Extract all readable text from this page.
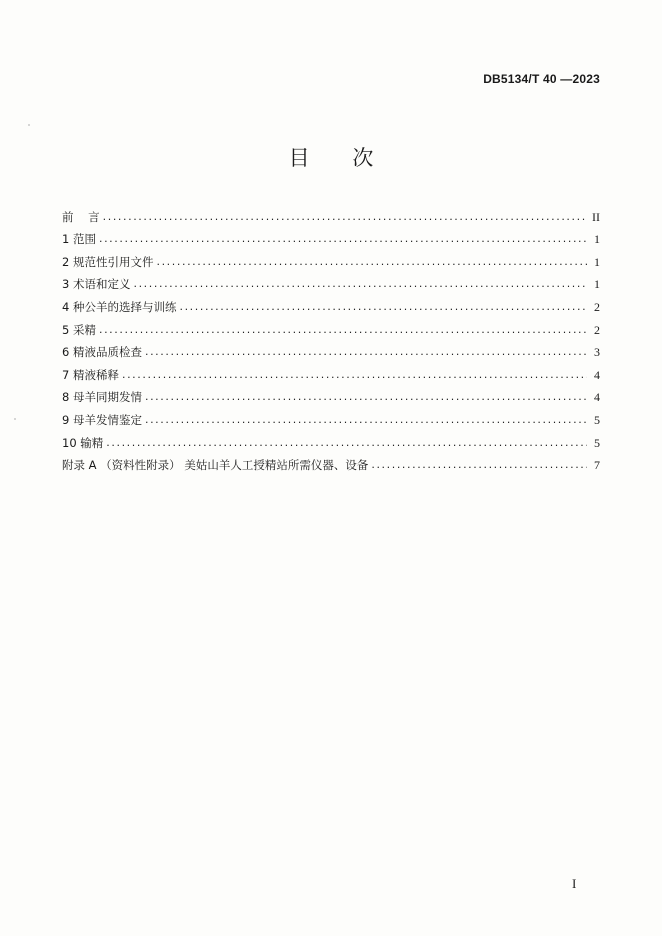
DB5134/T 40 —2023
目 次
前    言 .....	II
1 范围 .....	1
2 规范性引用文件 .....	1
3 术语和定义 .....	1
4 种公羊的选择与训练 .....	2
5 采精 .....	2
6 精液品质检查 .....	3
7 精液稀释 .....	4
8 母羊同期发情 .....	4
9 母羊发情鉴定 .....	5
10 输精 .....	5
附录 A （资料性附录） 美姑山羊人工授精站所需仪器、设备 .....	7
I
